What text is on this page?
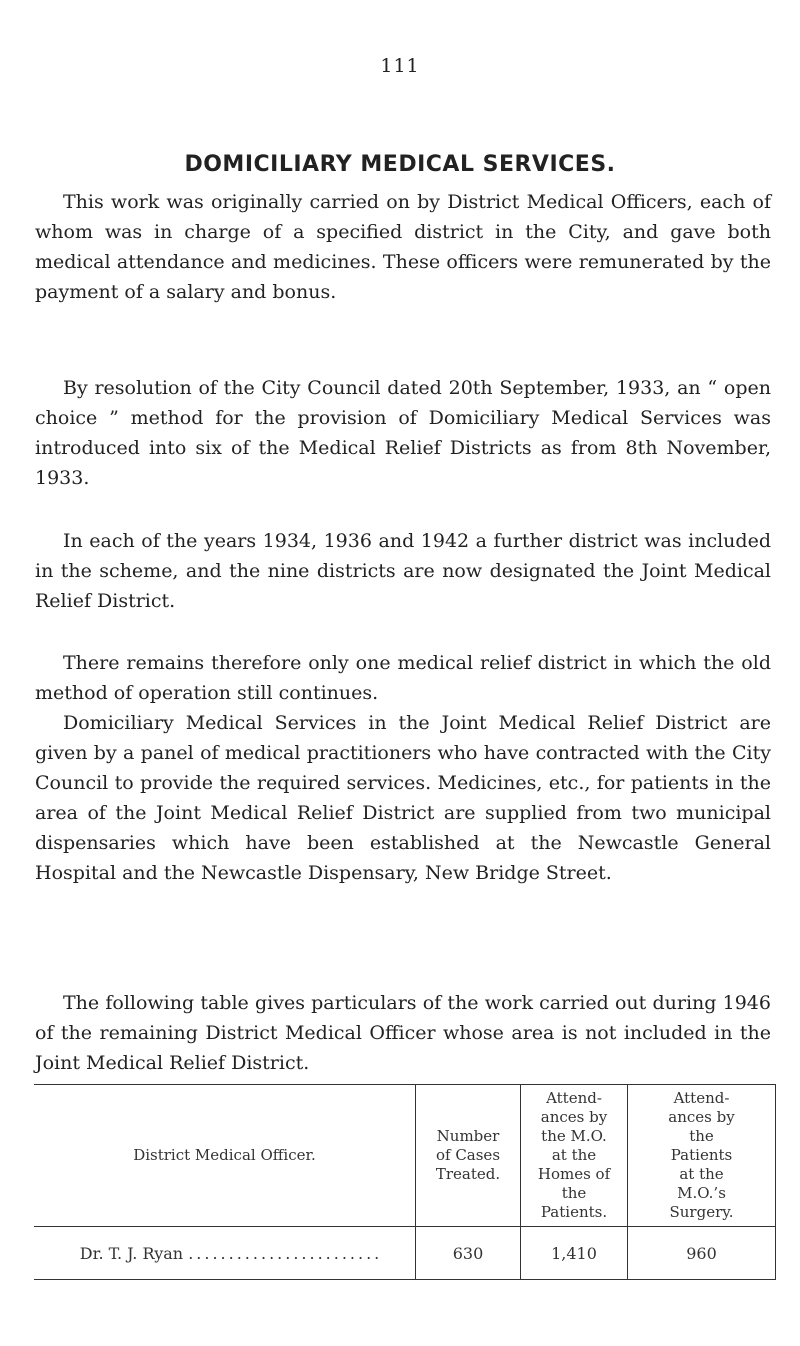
111
DOMICILIARY MEDICAL SERVICES.

This work was originally carried on by District Medical Officers, each of whom was in charge of a specified district in the City, and gave both medical attendance and medicines. These officers were remunerated by the payment of a salary and bonus.

By resolution of the City Council dated 20th September, 1933, an “ open choice ” method for the provision of Domiciliary Medical Services was introduced into six of the Medical Relief Districts as from 8th November, 1933.

In each of the years 1934, 1936 and 1942 a further district was included in the scheme, and the nine districts are now designated the Joint Medical Relief District.

There remains therefore only one medical relief district in which the old method of operation still continues.

Domiciliary Medical Services in the Joint Medical Relief District are given by a panel of medical practitioners who have contracted with the City Council to provide the required services. Medicines, etc., for patients in the area of the Joint Medical Relief District are supplied from two municipal dispensaries which have been established at the Newcastle General Hospital and the Newcastle Dispensary, New Bridge Street.

The following table gives particulars of the work carried out during 1946 of the remaining District Medical Officer whose area is not included in the Joint Medical Relief District.

District Medical Officer.	Number of Cases Treated.	Attend- ances by the M.O. at the Homes of the Patients.	Attend- ances by the Patients at the M.O.’s Surgery.

Dr. T. J. Ryan ........................	630	1,410	960
